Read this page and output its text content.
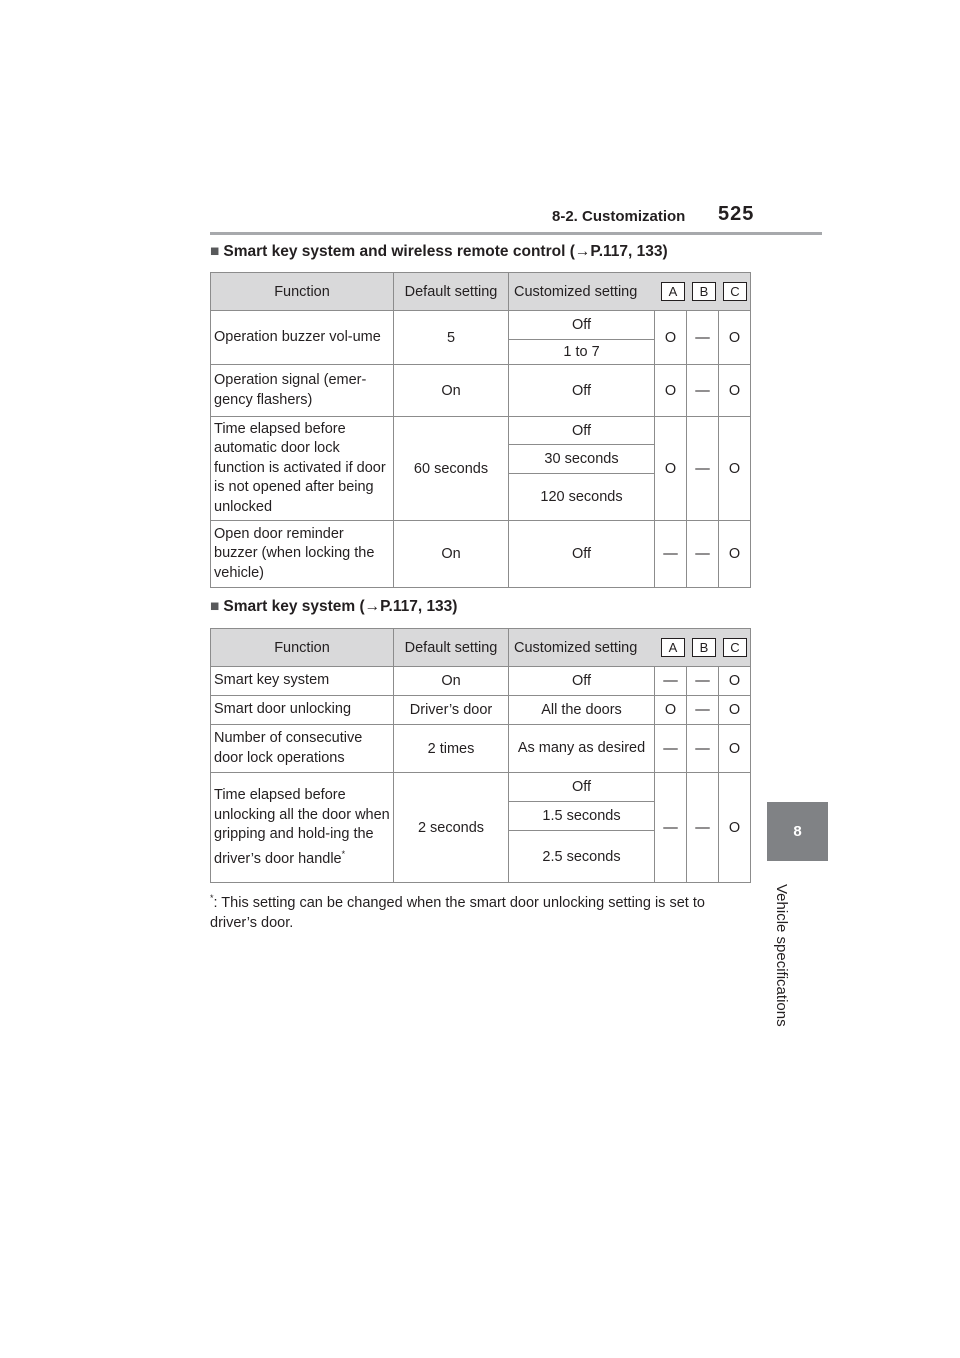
8-2. Customization 525
8
Vehicle specifications
■ Smart key system and wireless remote control (→P.117, 133)
Function	Default setting	Customized setting A B C			

Operation buzzer vol-ume	5	Off	O	—	O
		1 to 7			
Operation signal (emer-gency flashers)	On	Off	O	—	O
Time elapsed before automatic door lock function is activated if door is not opened after being unlocked	60 seconds	Off	O	—	O
		30 seconds			
		120 seconds			
Open door reminder buzzer (when locking the vehicle)	On	Off	—	—	O
■ Smart key system (→P.117, 133)
Function	Default setting	Customized setting A B C			

Smart key system	On	Off	—	—	O
Smart door unlocking	Driver’s door	All the doors	O	—	O
Number of consecutive door lock operations	2 times	As many as desired	—	—	O
Time elapsed before unlocking all the door when gripping and hold-ing the driver’s door handle*	2 seconds	Off	—	—	O
		1.5 seconds			
		2.5 seconds			
*: This setting can be changed when the smart door unlocking setting is set to driver’s door.
